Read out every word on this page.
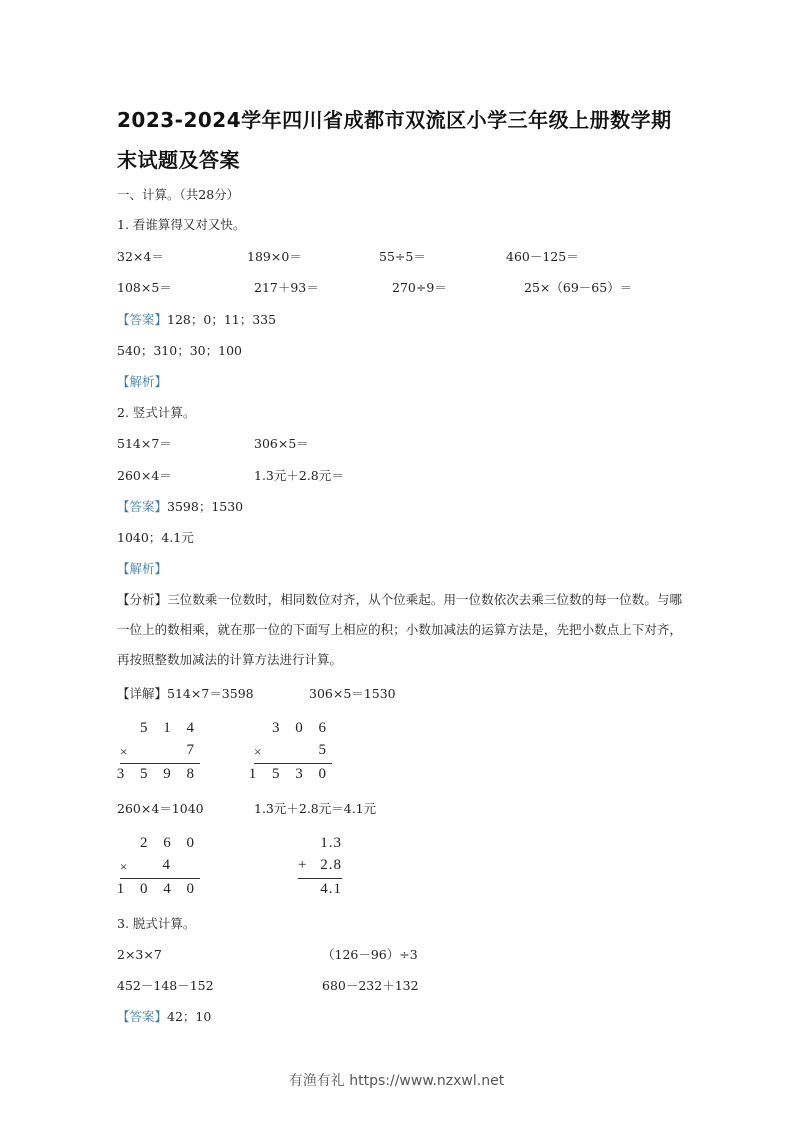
2023-2024学年四川省成都市双流区小学三年级上册数学期末试题及答案
一、计算。（共28分）
1. 看谁算得又对又快。
32×4＝	189×0＝	55÷5＝	460－125＝
108×5＝	217＋93＝	270÷9＝	25×（69－65）＝
【答案】128；0；11；335
540；310；30；100
【解析】
2. 竖式计算。
514×7＝	306×5＝
260×4＝	1.3元＋2.8元＝
【答案】3598；1530
1040；4.1元
【解析】
【分析】三位数乘一位数时，相同数位对齐，从个位乘起。用一位数依次去乘三位数的每一位数。与哪一位上的数相乘，就在那一位的下面写上相应的积；小数加减法的运算方法是，先把小数点上下对齐，再按照整数加减法的计算方法进行计算。
【详解】514×7＝3598	306×5＝1530
5 1 4
×	7
3 5 9 8
3 0 6
×	5
1 5 3 0
260×4＝1040	1.3元＋2.8元＝4.1元
2 6 0
× 4
1 0 4 0
1.3
+ 2.8
4.1
3. 脱式计算。
2×3×7	（126－96）÷3
452－148－152	680－232＋132
【答案】42；10
有渔有礼 https://www.nzxwl.net
